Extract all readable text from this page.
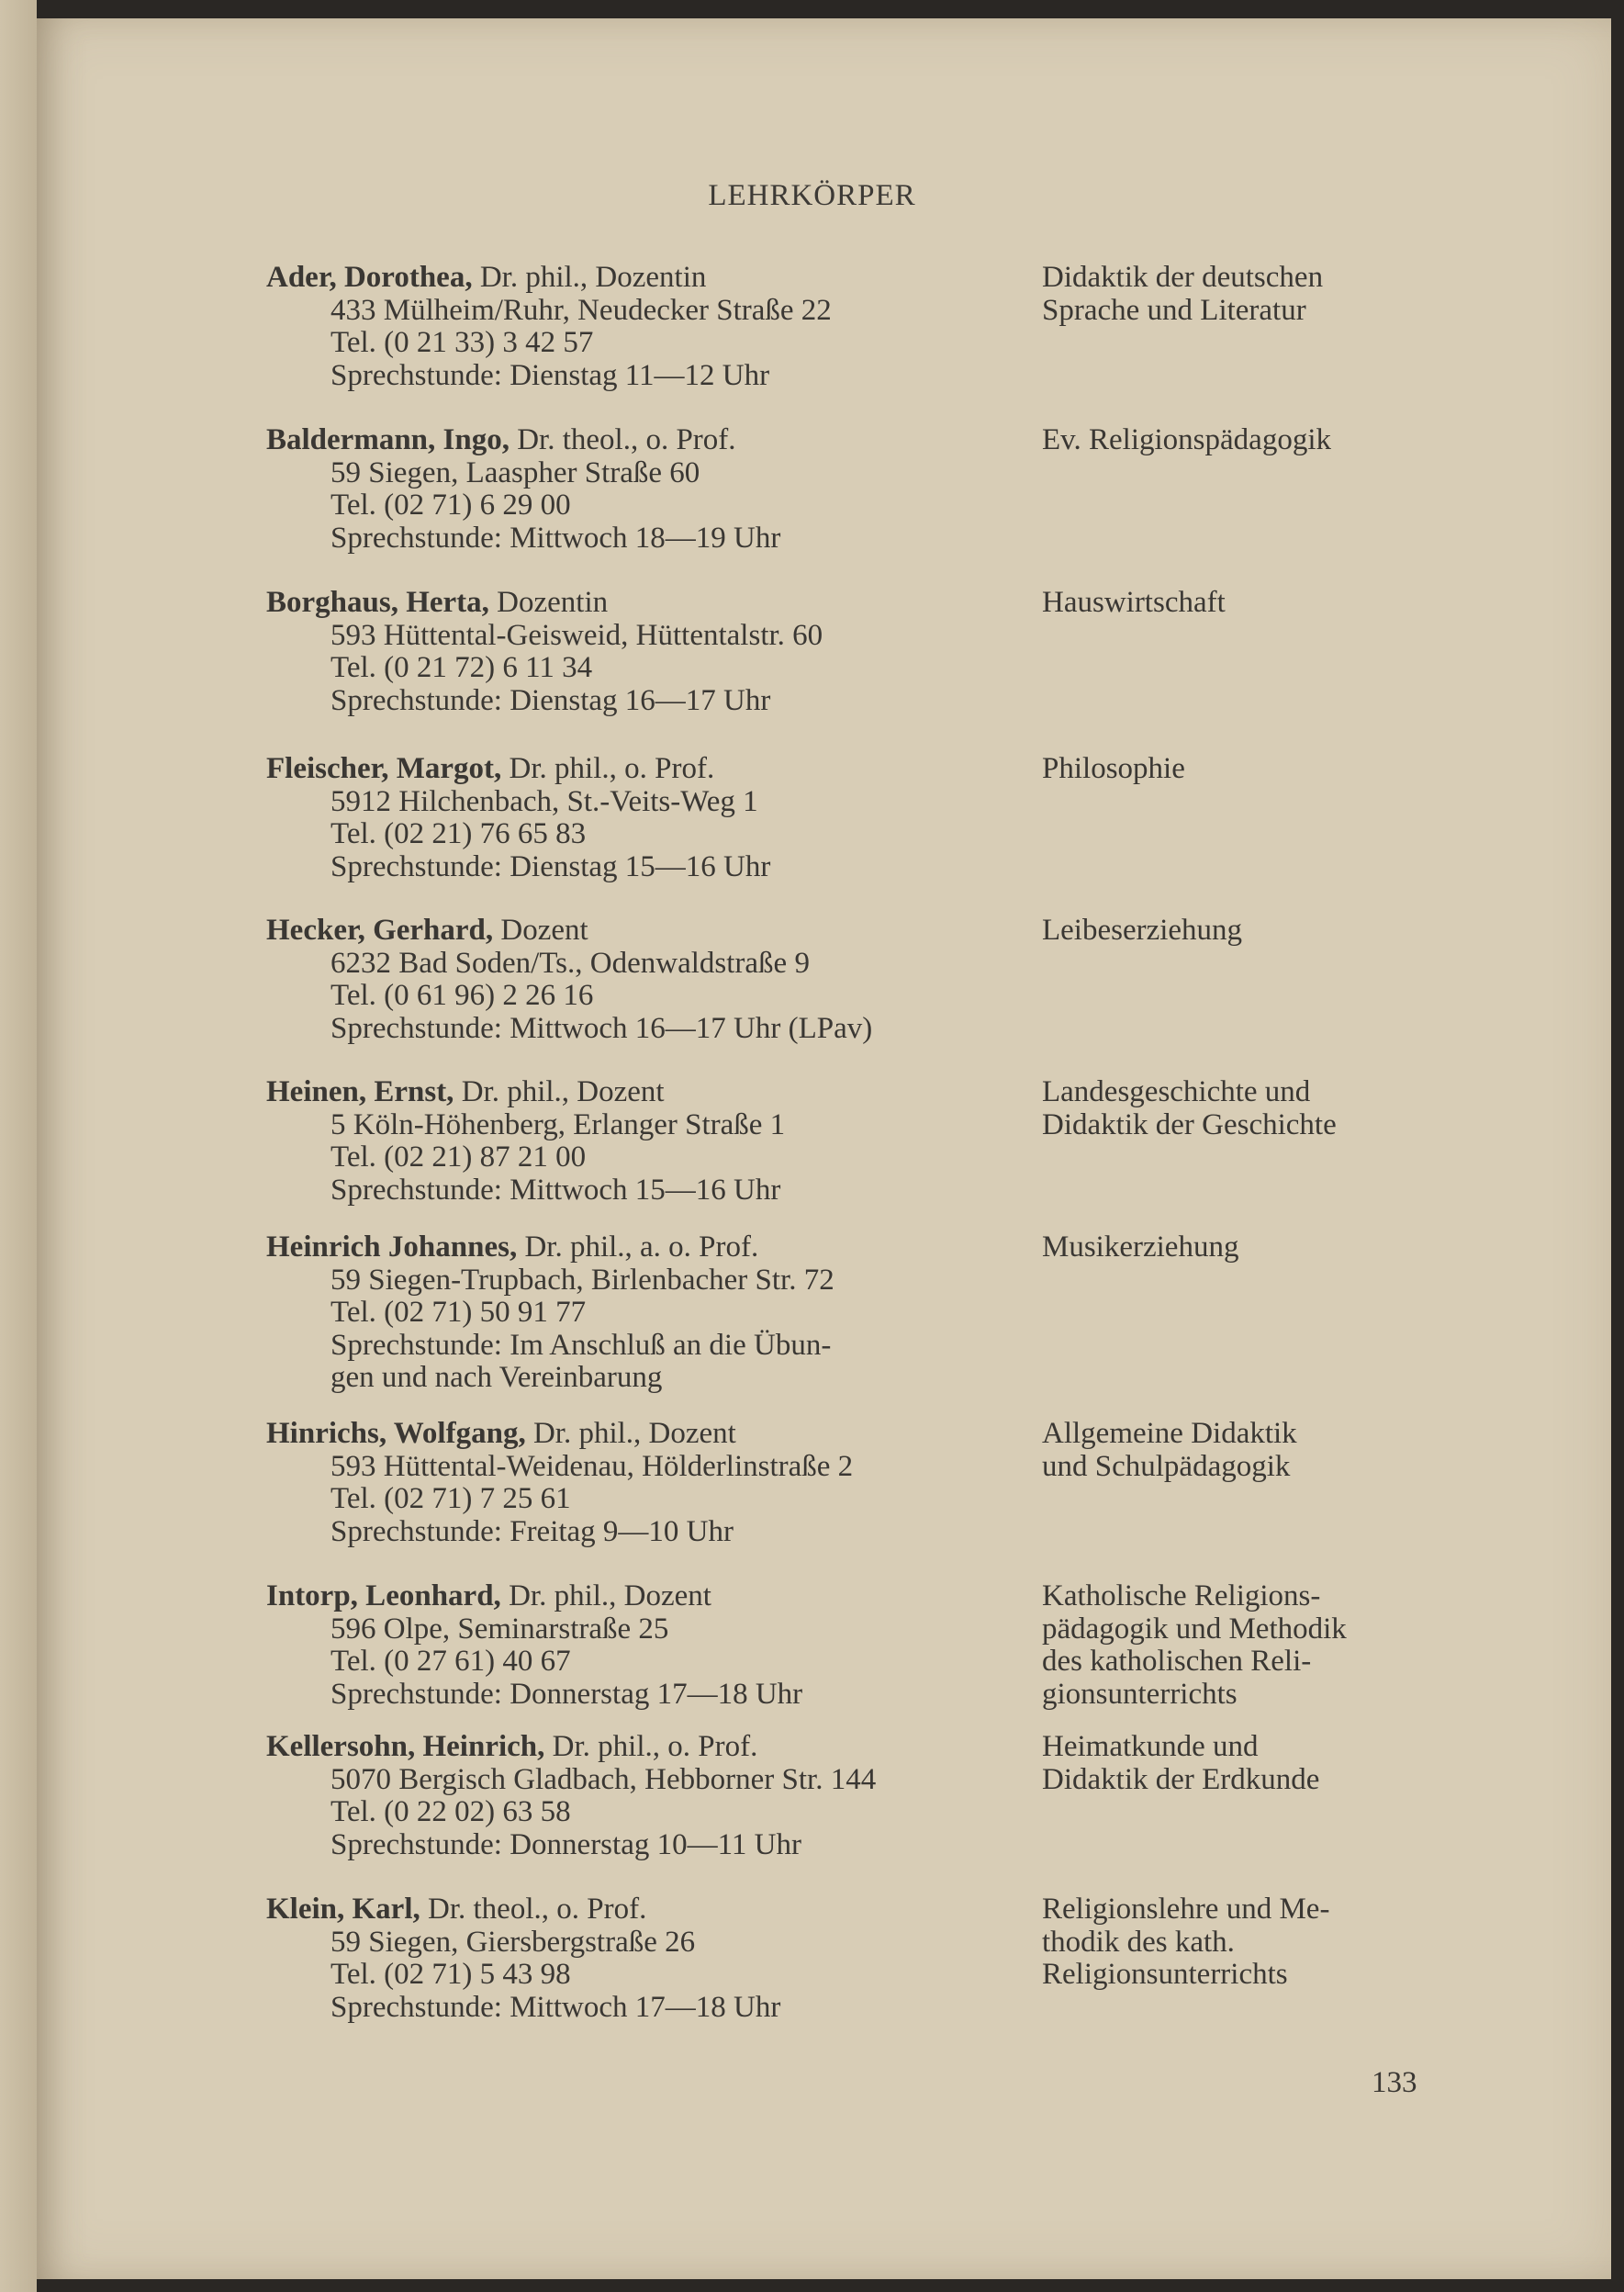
LEHRKÖRPER
Ader, Dorothea, Dr. phil., Dozentin
433 Mülheim/Ruhr, Neudecker Straße 22
Tel. (0 21 33) 3 42 57
Sprechstunde: Dienstag 11—12 Uhr
Didaktik der deutschen
Sprache und Literatur
Baldermann, Ingo, Dr. theol., o. Prof.
59 Siegen, Laaspher Straße 60
Tel. (02 71) 6 29 00
Sprechstunde: Mittwoch 18—19 Uhr
Ev. Religionspädagogik
Borghaus, Herta, Dozentin
593 Hüttental-Geisweid, Hüttentalstr. 60
Tel. (0 21 72) 6 11 34
Sprechstunde: Dienstag 16—17 Uhr
Hauswirtschaft
Fleischer, Margot, Dr. phil., o. Prof.
5912 Hilchenbach, St.-Veits-Weg 1
Tel. (02 21) 76 65 83
Sprechstunde: Dienstag 15—16 Uhr
Philosophie
Hecker, Gerhard, Dozent
6232 Bad Soden/Ts., Odenwaldstraße 9
Tel. (0 61 96) 2 26 16
Sprechstunde: Mittwoch 16—17 Uhr (LPav)
Leibeserziehung
Heinen, Ernst, Dr. phil., Dozent
5 Köln-Höhenberg, Erlanger Straße 1
Tel. (02 21) 87 21 00
Sprechstunde: Mittwoch 15—16 Uhr
Landesgeschichte und
Didaktik der Geschichte
Heinrich Johannes, Dr. phil., a. o. Prof.
59 Siegen-Trupbach, Birlenbacher Str. 72
Tel. (02 71) 50 91 77
Sprechstunde: Im Anschluß an die Übun-
gen und nach Vereinbarung
Musikerziehung
Hinrichs, Wolfgang, Dr. phil., Dozent
593 Hüttental-Weidenau, Hölderlinstraße 2
Tel. (02 71) 7 25 61
Sprechstunde: Freitag 9—10 Uhr
Allgemeine Didaktik
und Schulpädagogik
Intorp, Leonhard, Dr. phil., Dozent
596 Olpe, Seminarstraße 25
Tel. (0 27 61) 40 67
Sprechstunde: Donnerstag 17—18 Uhr
Katholische Religions-
pädagogik und Methodik
des katholischen Reli-
gionsunterrichts
Kellersohn, Heinrich, Dr. phil., o. Prof.
5070 Bergisch Gladbach, Hebborner Str. 144
Tel. (0 22 02) 63 58
Sprechstunde: Donnerstag 10—11 Uhr
Heimatkunde und
Didaktik der Erdkunde
Klein, Karl, Dr. theol., o. Prof.
59 Siegen, Giersbergstraße 26
Tel. (02 71) 5 43 98
Sprechstunde: Mittwoch 17—18 Uhr
Religionslehre und Me-
thodik des kath.
Religionsunterrichts
133
